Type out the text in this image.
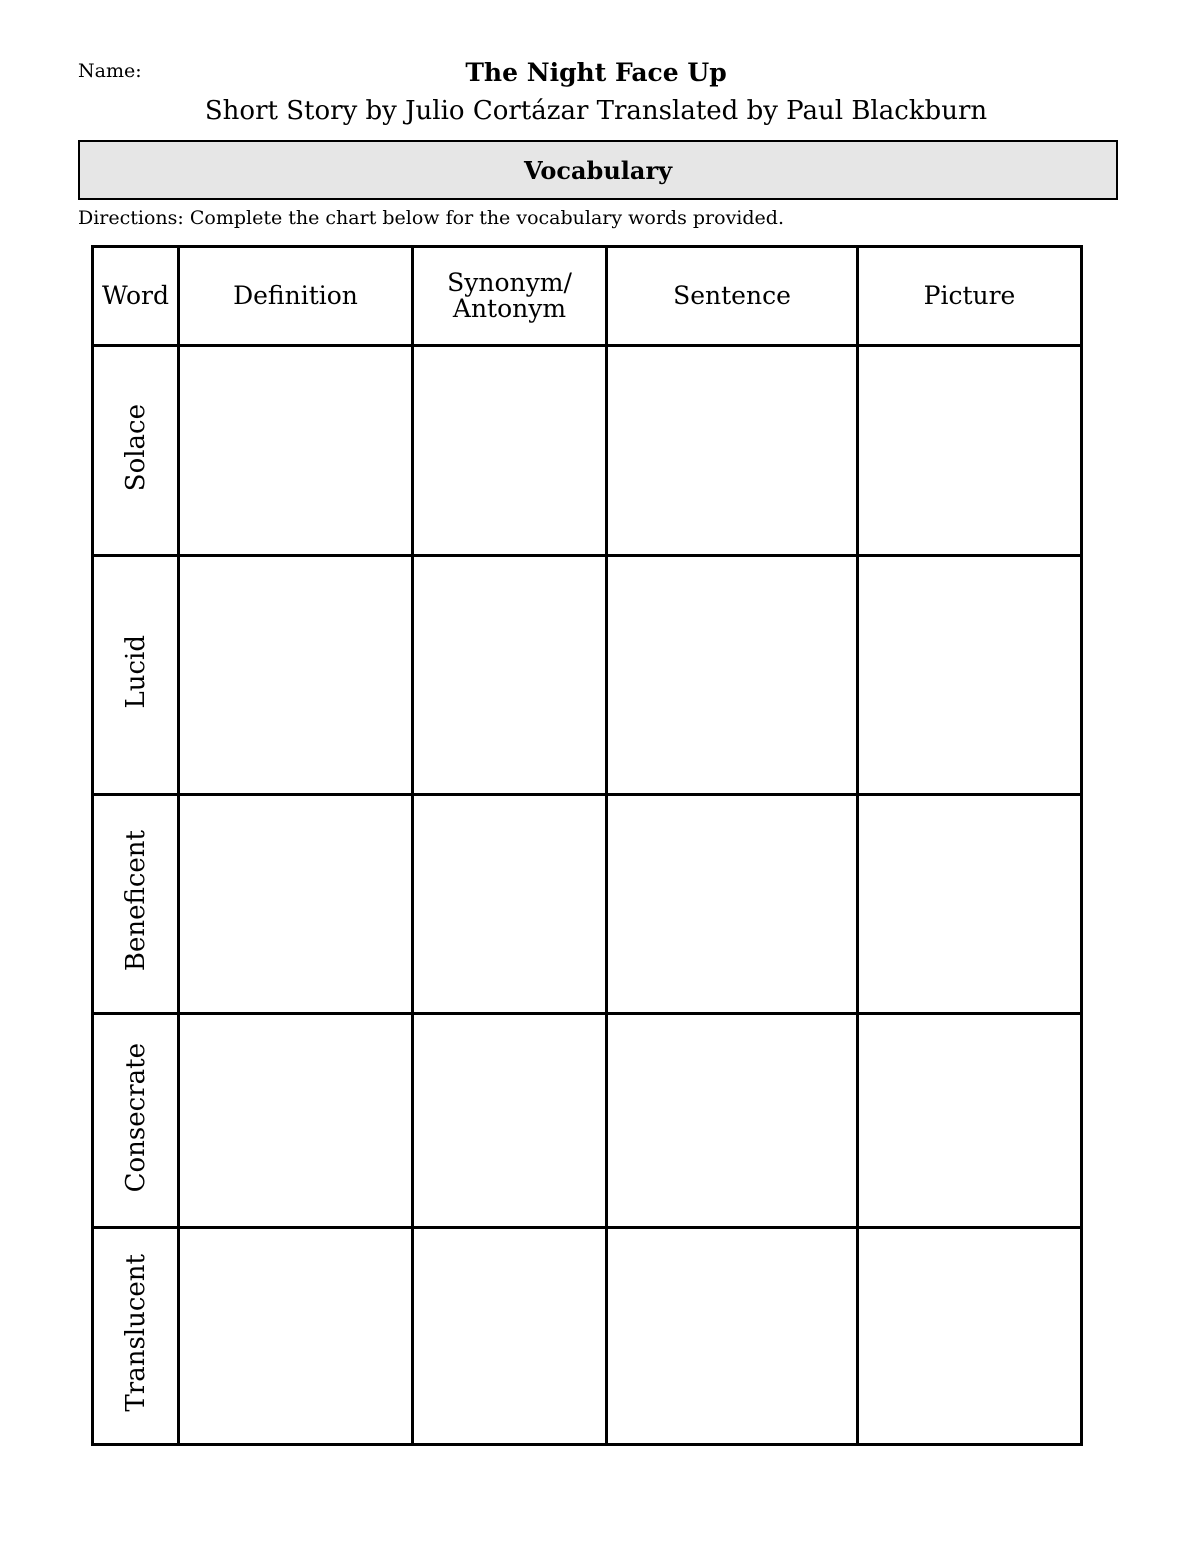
Name:	The Night Face Up
Short Story by Julio Cortázar Translated by Paul Blackburn
Vocabulary
Directions: Complete the chart below for the vocabulary words provided.
Word	Definition	Synonym/ Antonym	Sentence	Picture
Solace				
Lucid				
Beneficent				
Consecrate				
Translucent				
